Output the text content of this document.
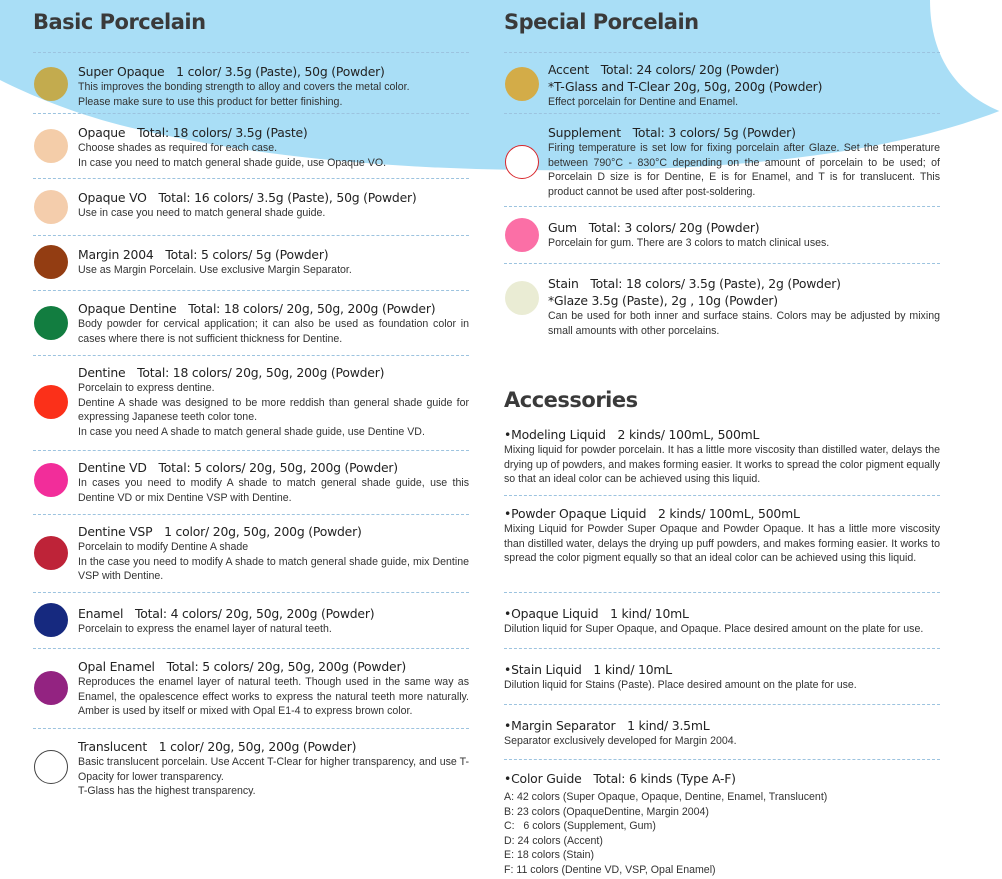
Basic Porcelain
Super Opaque 1 color/ 3.5g (Paste), 50g (Powder)

This improves the bonding strength to alloy and covers the metal color.
Please make sure to use this product for better finishing.

Opaque Total: 18 colors/ 3.5g (Paste)

Choose shades as required for each case.
In case you need to match general shade guide, use Opaque VO.

Opaque VO Total: 16 colors/ 3.5g (Paste), 50g (Powder)

Use in case you need to match general shade guide.

Margin 2004 Total: 5 colors/ 5g (Powder)

Use as Margin Porcelain. Use exclusive Margin Separator.

Opaque Dentine Total: 18 colors/ 20g, 50g, 200g (Powder)

Body powder for cervical application; it can also be used as foundation color in cases where there is not sufficient thickness for Dentine.

Dentine Total: 18 colors/ 20g, 50g, 200g (Powder)

Porcelain to express dentine.
Dentine A shade was designed to be more reddish than general shade guide for expressing Japanese teeth color tone.
In case you need A shade to match general shade guide, use Dentine VD.

Dentine VD Total: 5 colors/ 20g, 50g, 200g (Powder)

In cases you need to modify A shade to match general shade guide, use this Dentine VD or mix Dentine VSP with Dentine.

Dentine VSP 1 color/ 20g, 50g, 200g (Powder)

Porcelain to modify Dentine A shade
In the case you need to modify A shade to match general shade guide, mix Dentine VSP with Dentine.

Enamel Total: 4 colors/ 20g, 50g, 200g (Powder)

Porcelain to express the enamel layer of natural teeth.

Opal Enamel Total: 5 colors/ 20g, 50g, 200g (Powder)

Reproduces the enamel layer of natural teeth. Though used in the same way as Enamel, the opalescence effect works to express the natural teeth more naturally. Amber is used by itself or mixed with Opal E1-4 to express brown color.

Translucent 1 color/ 20g, 50g, 200g (Powder)

Basic translucent porcelain. Use Accent T-Clear for higher transparency, and use T-Opacity for lower transparency.
T-Glass has the highest transparency.

Special Porcelain
Accent Total: 24 colors/ 20g (Powder)
*T-Glass and T-Clear 20g, 50g, 200g (Powder)

Effect porcelain for Dentine and Enamel.

Supplement Total: 3 colors/ 5g (Powder)

Firing temperature is set low for fixing porcelain after Glaze. Set the temperature between 790°C - 830°C depending on the amount of porcelain to be used; of Porcelain D size is for Dentine, E is for Enamel, and T is for translucent. This product cannot be used after post-soldering.

Gum Total: 3 colors/ 20g (Powder)

Porcelain for gum. There are 3 colors to match clinical uses.

Stain Total: 18 colors/ 3.5g (Paste), 2g (Powder)
*Glaze 3.5g (Paste), 2g , 10g (Powder)

Can be used for both inner and surface stains. Colors may be adjusted by mixing small amounts with other porcelains.

Accessories
•Modeling Liquid 2 kinds/ 100mL, 500mL

Mixing liquid for powder porcelain. It has a little more viscosity than distilled water, delays the drying up of powders, and makes forming easier. It works to spread the color pigment equally so that an ideal color can be achieved using this liquid.

•Powder Opaque Liquid 2 kinds/ 100mL, 500mL

Mixing Liquid for Powder Super Opaque and Powder Opaque. It has a little more viscosity than distilled water, delays the drying up puff powders, and makes forming easier. It works to spread the color pigment equally so that an ideal color can be achieved using this liquid.

•Opaque Liquid 1 kind/ 10mL

Dilution liquid for Super Opaque, and Opaque. Place desired amount on the plate for use.

•Stain Liquid 1 kind/ 10mL

Dilution liquid for Stains (Paste). Place desired amount on the plate for use.

•Margin Separator 1 kind/ 3.5mL

Separator exclusively developed for Margin 2004.

•Color Guide Total: 6 kinds (Type A-F)
A: 42 colors (Super Opaque, Opaque, Dentine, Enamel, Translucent)
B: 23 colors (OpaqueDentine, Margin 2004)
C:   6 colors (Supplement, Gum)
D: 24 colors (Accent)
E: 18 colors (Stain)
F: 11 colors (Dentine VD, VSP, Opal Enamel)
